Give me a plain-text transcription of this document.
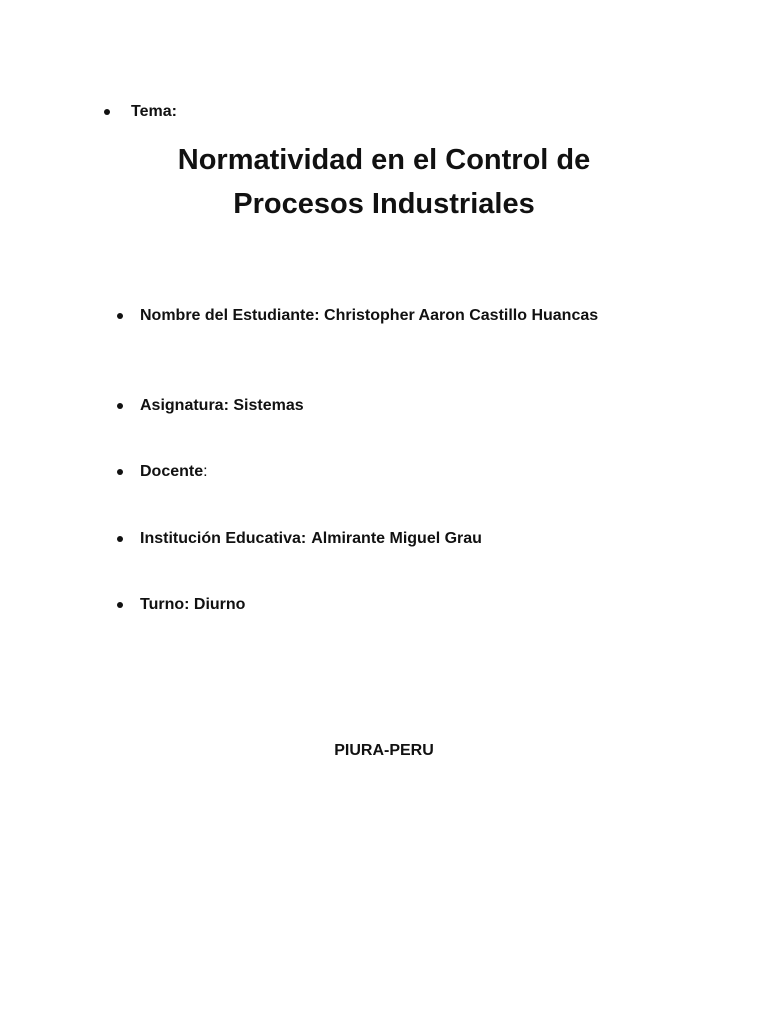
Tema:
Normatividad en el Control de
Procesos Industriales
Nombre del Estudiante: Christopher Aaron Castillo Huancas
Asignatura: Sistemas
Docente :
Institución Educativa: Almirante Miguel Grau
Turno: Diurno
PIURA-PERU
